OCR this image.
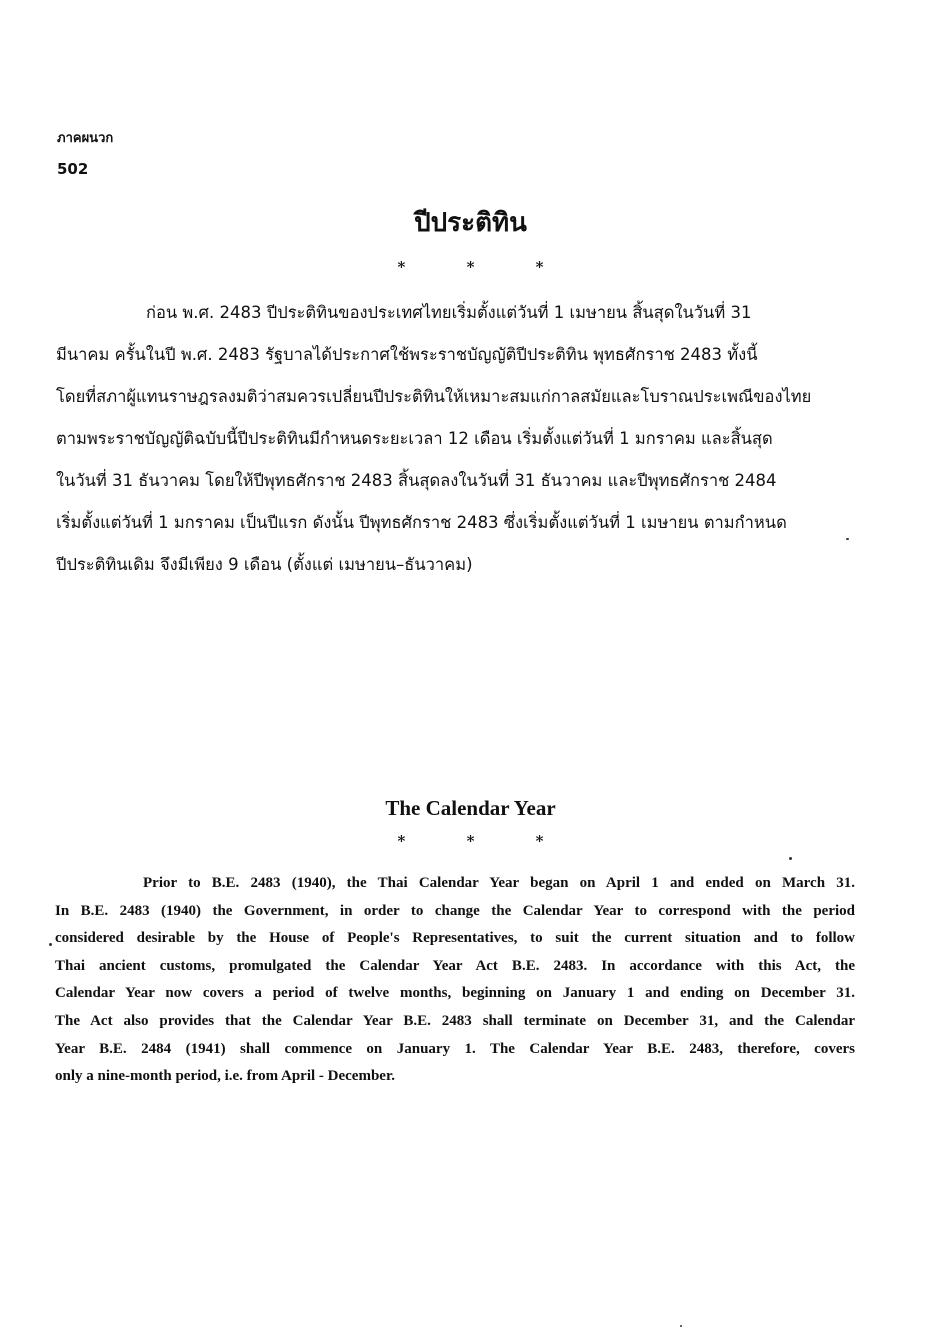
ภาคผนวก
502
ปีประติทิน
* * *
ก่อน พ.ศ. 2483 ปีประติทินของประเทศไทยเริ่มตั้งแต่วันที่ 1 เมษายน สิ้นสุดในวันที่ 31
มีนาคม ครั้นในปี พ.ศ. 2483 รัฐบาลได้ประกาศใช้พระราชบัญญัติปีประติทิน พุทธศักราช 2483 ทั้งนี้
โดยที่สภาผู้แทนราษฎรลงมติว่าสมควรเปลี่ยนปีประติทินให้เหมาะสมแก่กาลสมัยและโบราณประเพณีของไทย
ตามพระราชบัญญัติฉบับนี้ปีประติทินมีกำหนดระยะเวลา 12 เดือน เริ่มตั้งแต่วันที่ 1 มกราคม และสิ้นสุด
ในวันที่ 31 ธันวาคม โดยให้ปีพุทธศักราช 2483 สิ้นสุดลงในวันที่ 31 ธันวาคม และปีพุทธศักราช 2484
เริ่มตั้งแต่วันที่ 1 มกราคม เป็นปีแรก ดังนั้น ปีพุทธศักราช 2483 ซึ่งเริ่มตั้งแต่วันที่ 1 เมษายน ตามกำหนด
ปีประติทินเดิม จึงมีเพียง 9 เดือน (ตั้งแต่ เมษายน–ธันวาคม)
The Calendar Year
* * *
Prior to B.E. 2483 (1940), the Thai Calendar Year began on April 1 and ended on March 31.
In B.E. 2483 (1940) the Government, in order to change the Calendar Year to correspond with the period
considered desirable by the House of People's Representatives, to suit the current situation and to follow
Thai ancient customs, promulgated the Calendar Year Act B.E. 2483. In accordance with this Act, the
Calendar Year now covers a period of twelve months, beginning on January 1 and ending on December 31.
The Act also provides that the Calendar Year B.E. 2483 shall terminate on December 31, and the Calendar
Year B.E. 2484 (1941) shall commence on January 1. The Calendar Year B.E. 2483, therefore, covers
only a nine-month period, i.e. from April - December.
